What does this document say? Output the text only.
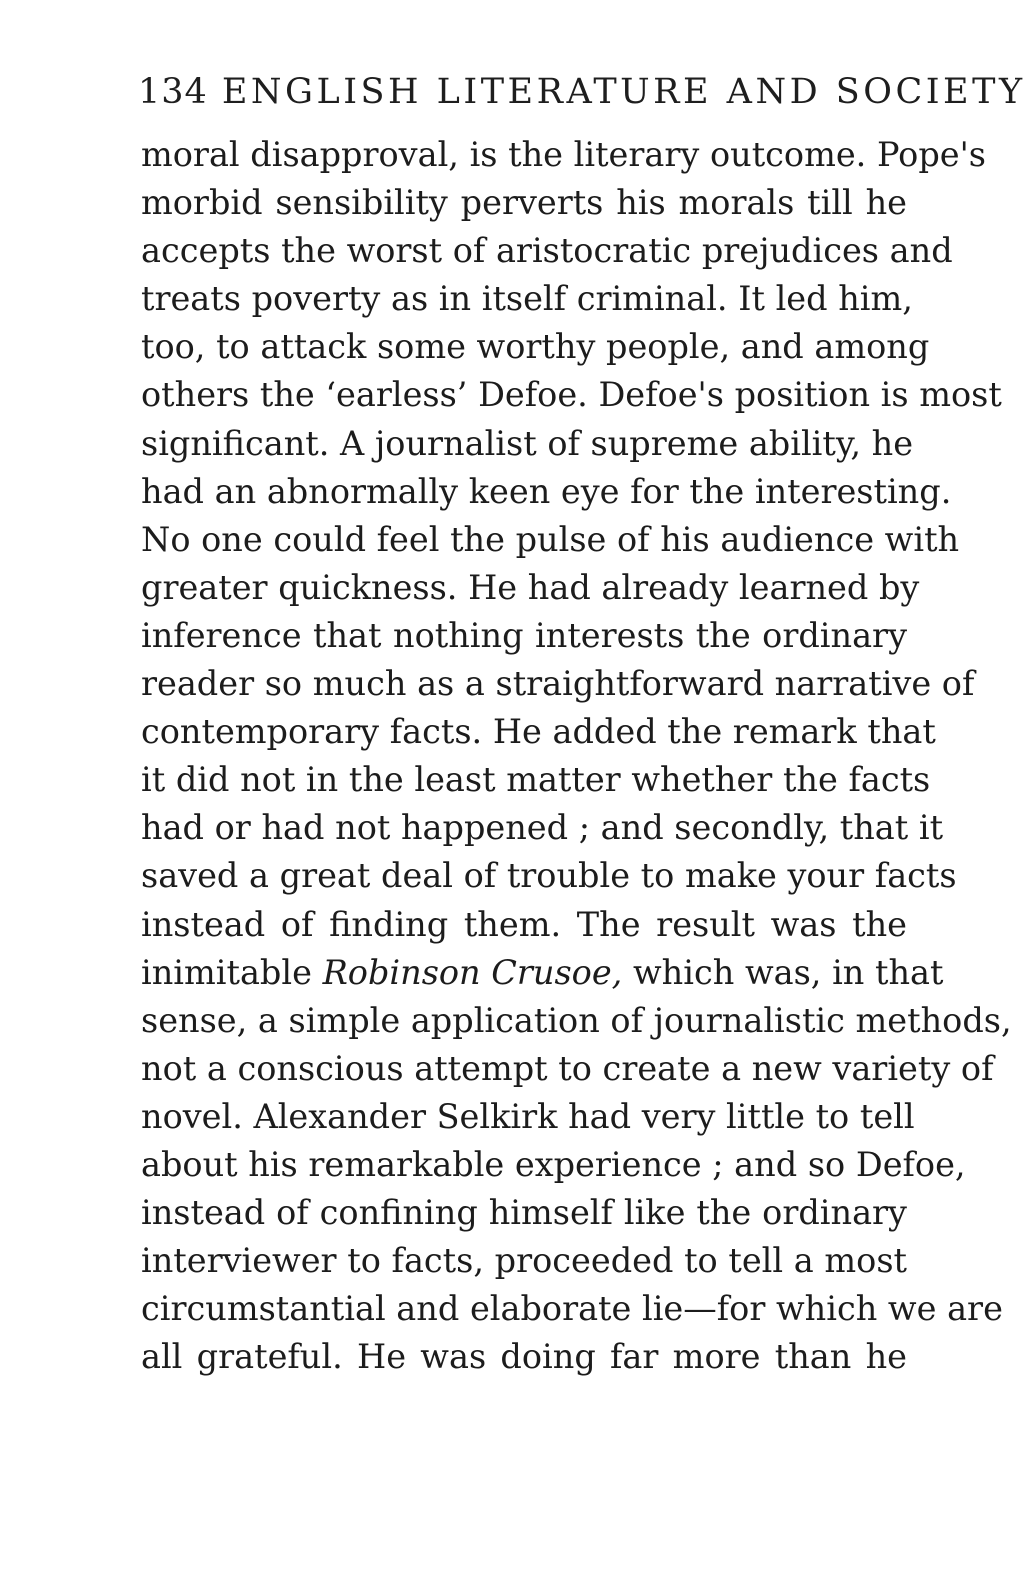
134 ENGLISH LITERATURE AND SOCIETY
moral disapproval, is the literary outcome. Pope's
morbid sensibility perverts his morals till he
accepts the worst of aristocratic prejudices and
treats poverty as in itself criminal. It led him,
too, to attack some worthy people, and among
others the ‘earless’ Defoe. Defoe's position is most
significant. A journalist of supreme ability, he
had an abnormally keen eye for the interesting.
No one could feel the pulse of his audience with
greater quickness. He had already learned by
inference that nothing interests the ordinary
reader so much as a straightforward narrative of
contemporary facts. He added the remark that
it did not in the least matter whether the facts
had or had not happened ; and secondly, that it
saved a great deal of trouble to make your facts
instead of finding them. The result was the
inimitable Robinson Crusoe, which was, in that
sense, a simple application of journalistic methods,
not a conscious attempt to create a new variety of
novel. Alexander Selkirk had very little to tell
about his remarkable experience ; and so Defoe,
instead of confining himself like the ordinary
interviewer to facts, proceeded to tell a most
circumstantial and elaborate lie—for which we are
all grateful. He was doing far more than he
